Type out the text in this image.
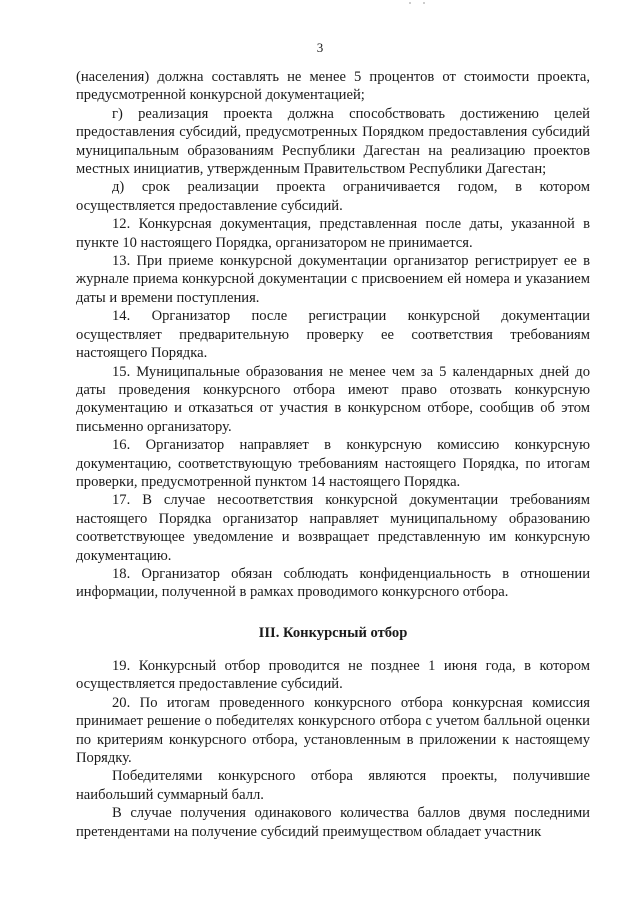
3

(населения) должна составлять не менее 5 процентов от стоимости проекта, предусмотренной конкурсной документацией;

г) реализация проекта должна способствовать достижению целей предоставления субсидий, предусмотренных Порядком предоставления субсидий муниципальным образованиям Республики Дагестан на реализацию проектов местных инициатив, утвержденным Правительством Республики Дагестан;

д) срок реализации проекта ограничивается годом, в котором осуществляется предоставление субсидий.

12. Конкурсная документация, представленная после даты, указанной в пункте 10 настоящего Порядка, организатором не принимается.

13. При приеме конкурсной документации организатор регистрирует ее в журнале приема конкурсной документации с присвоением ей номера и указанием даты и времени поступления.

14. Организатор после регистрации конкурсной документации осуществляет предварительную проверку ее соответствия требованиям настоящего Порядка.

15. Муниципальные образования не менее чем за 5 календарных дней до даты проведения конкурсного отбора имеют право отозвать конкурсную документацию и отказаться от участия в конкурсном отборе, сообщив об этом письменно организатору.

16. Организатор направляет в конкурсную комиссию конкурсную документацию, соответствующую требованиям настоящего Порядка, по итогам проверки, предусмотренной пунктом 14 настоящего Порядка.

17. В случае несоответствия конкурсной документации требованиям настоящего Порядка организатор направляет муниципальному образованию соответствующее уведомление и возвращает представленную им конкурсную документацию.

18. Организатор обязан соблюдать конфиденциальность в отношении информации, полученной в рамках проводимого конкурсного отбора.

III. Конкурсный отбор

19. Конкурсный отбор проводится не позднее 1 июня года, в котором осуществляется предоставление субсидий.

20. По итогам проведенного конкурсного отбора конкурсная комиссия принимает решение о победителях конкурсного отбора с учетом балльной оценки по критериям конкурсного отбора, установленным в приложении к настоящему Порядку.

Победителями конкурсного отбора являются проекты, получившие наибольший суммарный балл.

В случае получения одинакового количества баллов двумя последними претендентами на получение субсидий преимуществом обладает участник
